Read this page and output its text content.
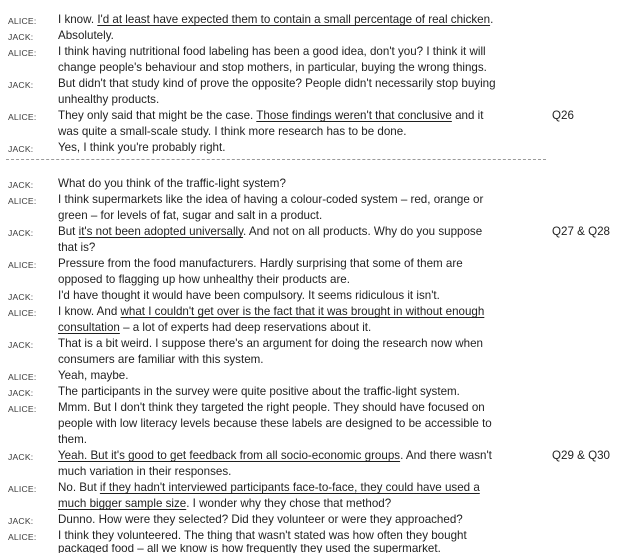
ALICE:	I know. I'd at least have expected them to contain a small percentage of real chicken.
JACK:	Absolutely.
ALICE:	I think having nutritional food labeling has been a good idea, don't you? I think it will
change people's behaviour and stop mothers, in particular, buying the wrong things.
JACK:	But didn't that study kind of prove the opposite? People didn't necessarily stop buying
unhealthy products.
ALICE:	They only said that might be the case. Those findings weren't that conclusive and it	Q26
was quite a small-scale study. I think more research has to be done.
JACK:	Yes, I think you're probably right.
JACK:	What do you think of the traffic-light system?
ALICE:	I think supermarkets like the idea of having a colour-coded system – red, orange or
green – for levels of fat, sugar and salt in a product.
JACK:	But it's not been adopted universally. And not on all products. Why do you suppose	Q27 & Q28
that is?
ALICE:	Pressure from the food manufacturers. Hardly surprising that some of them are
opposed to flagging up how unhealthy their products are.
JACK:	I'd have thought it would have been compulsory. It seems ridiculous it isn't.
ALICE:	I know. And what I couldn't get over is the fact that it was brought in without enough
consultation – a lot of experts had deep reservations about it.
JACK:	That is a bit weird. I suppose there's an argument for doing the research now when
consumers are familiar with this system.
ALICE:	Yeah, maybe.
JACK:	The participants in the survey were quite positive about the traffic-light system.
ALICE:	Mmm. But I don't think they targeted the right people. They should have focused on
people with low literacy levels because these labels are designed to be accessible to
them.
JACK:	Yeah. But it's good to get feedback from all socio-economic groups. And there wasn't	Q29 & Q30
much variation in their responses.
ALICE:	No. But if they hadn't interviewed participants face-to-face, they could have used a
much bigger sample size. I wonder why they chose that method?
JACK:	Dunno. How were they selected? Did they volunteer or were they approached?
ALICE:	I think they volunteered. The thing that wasn't stated was how often they bought
packaged food – all we know is how frequently they used the supermarket.
